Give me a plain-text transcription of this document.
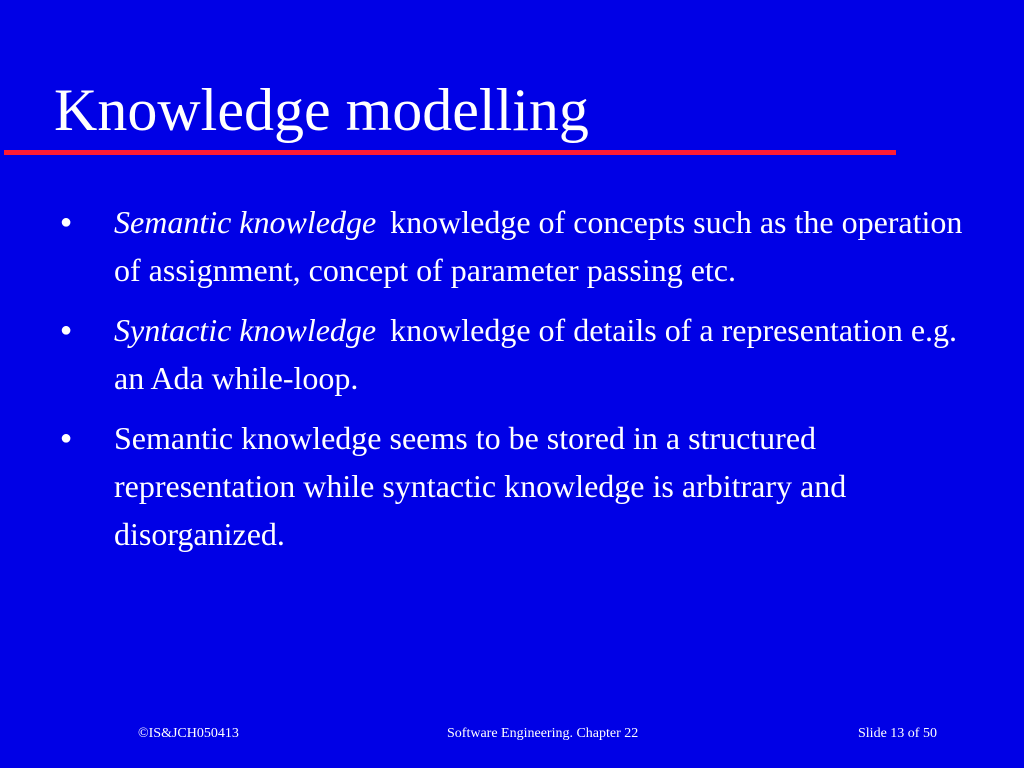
Knowledge modelling
● Semantic knowledge knowledge of concepts such as the operation of assignment, concept of parameter passing etc.
● Syntactic knowledge knowledge of details of a representation e.g. an Ada while-loop.
● Semantic knowledge seems to be stored in a structured representation while syntactic knowledge is arbitrary and disorganized.
©IS&JCH050413	Software Engineering. Chapter 22	Slide 13 of 50
